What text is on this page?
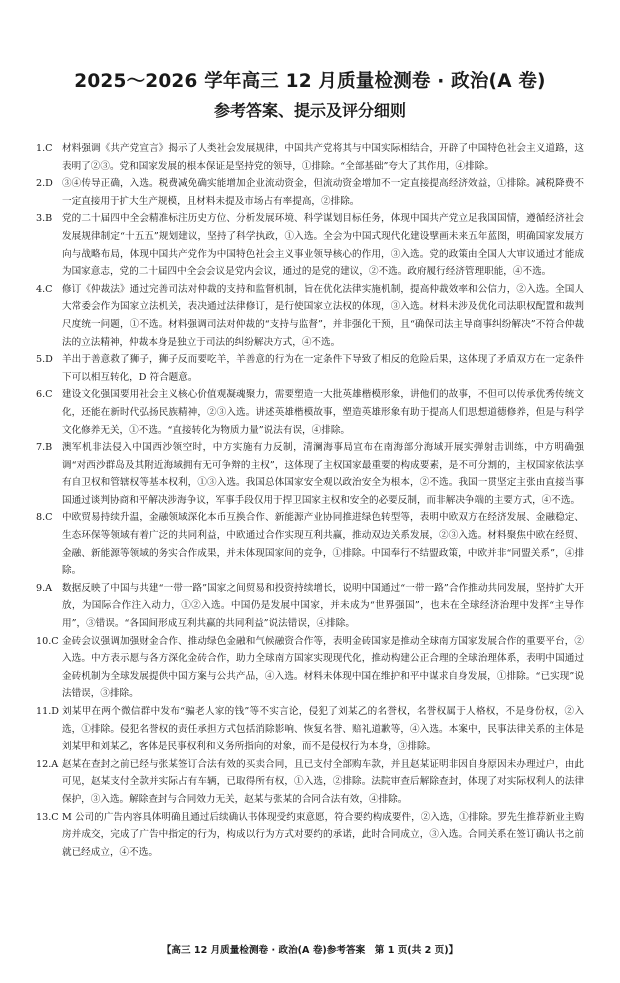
2025～2026 学年高三 12 月质量检测卷 · 政治(A 卷)
参考答案、提示及评分细则

1.C 材料强调《共产党宣言》揭示了人类社会发展规律，中国共产党将其与中国实际相结合，开辟了中国特色社会主义道路，这表明了②③。党和国家发展的根本保证是坚持党的领导，①排除。“全部基础”夸大了其作用，④排除。

2.D ③④传导正确，入选。税费减免确实能增加企业流动资金，但流动资金增加不一定直接提高经济效益，①排除。减税降费不一定直接用于扩大生产规模，且材料未提及市场占有率提高，②排除。

3.B 党的二十届四中全会精准标注历史方位、分析发展环境、科学谋划目标任务，体现中国共产党立足我国国情，遵循经济社会发展规律制定“十五五”规划建议，坚持了科学执政，①入选。全会为中国式现代化建设擘画未来五年蓝图，明确国家发展方向与战略布局，体现中国共产党作为中国特色社会主义事业领导核心的作用，③入选。党的政策由全国人大审议通过才能成为国家意志，党的二十届四中全会会议是党内会议，通过的是党的建议，②不选。政府履行经济管理职能，④不选。

4.C 修订《仲裁法》通过完善司法对仲裁的支持和监督机制，旨在优化法律实施机制，提高仲裁效率和公信力，②入选。全国人大常委会作为国家立法机关，表决通过法律修订，是行使国家立法权的体现，③入选。材料未涉及优化司法职权配置和裁判尺度统一问题，①不选。材料强调司法对仲裁的“支持与监督”，并非强化干预，且“确保司法主导商事纠纷解决”不符合仲裁法的立法精神，仲裁本身是独立于司法的纠纷解决方式，④不选。

5.D 羊出于善意救了狮子，狮子反而要吃羊，羊善意的行为在一定条件下导致了相反的危险后果，这体现了矛盾双方在一定条件下可以相互转化，D 符合题意。

6.C 建设文化强国要用社会主义核心价值观凝魂聚力，需要塑造一大批英雄楷模形象，讲他们的故事，不但可以传承优秀传统文化，还能在新时代弘扬民族精神，②③入选。讲述英雄楷模故事，塑造英雄形象有助于提高人们思想道德修养，但是与科学文化修养无关，①不选。“直接转化为物质力量”说法有误，④排除。

7.B 澳军机非法侵入中国西沙领空时，中方实施有力反制，清澜海事局宣布在南海部分海域开展实弹射击训练，中方明确强调“对西沙群岛及其附近海域拥有无可争辩的主权”，这体现了主权国家最重要的构成要素，是不可分割的，主权国家依法享有自卫权和管辖权等基本权利，①③入选。我国总体国家安全观以政治安全为根本，②不选。我国一贯坚定主张由直接当事国通过谈判协商和平解决涉海争议，军事手段仅用于捍卫国家主权和安全的必要反制，而非解决争端的主要方式，④不选。

8.C 中欧贸易持续升温，金融领域深化本币互换合作、新能源产业协同推进绿色转型等，表明中欧双方在经济发展、金融稳定、生态环保等领域有着广泛的共同利益，中欧通过合作实现互利共赢，推动双边关系发展，②③入选。材料聚焦中欧在经贸、金融、新能源等领域的务实合作成果，并未体现国家间的竞争，①排除。中国奉行不结盟政策，中欧并非“同盟关系”，④排除。

9.A 数据反映了中国与共建“一带一路”国家之间贸易和投资持续增长，说明中国通过“一带一路”合作推动共同发展，坚持扩大开放，为国际合作注入动力，①②入选。中国仍是发展中国家，并未成为“世界强国”，也未在全球经济治理中发挥“主导作用”，③错误。“各国间形成互利共赢的共同利益”说法错误，④排除。

10.C 金砖会议强调加强财金合作、推动绿色金融和气候融资合作等，表明金砖国家是推动全球南方国家发展合作的重要平台，②入选。中方表示愿与各方深化金砖合作，助力全球南方国家实现现代化，推动构建公正合理的全球治理体系，表明中国通过金砖机制为全球发展提供中国方案与公共产品，④入选。材料未体现中国在维护和平中谋求自身发展，①排除。“已实现”说法错误，③排除。

11.D 刘某甲在两个微信群中发布“骗老人家的钱”等不实言论，侵犯了刘某乙的名誉权，名誉权属于人格权，不是身份权，②入选，①排除。侵犯名誉权的责任承担方式包括消除影响、恢复名誉、赔礼道歉等，④入选。本案中，民事法律关系的主体是刘某甲和刘某乙，客体是民事权利和义务所指向的对象，而不是侵权行为本身，③排除。

12.A 赵某在查封之前已经与张某签订合法有效的买卖合同，且已支付全部购车款，并且赵某证明非因自身原因未办理过户，由此可见，赵某支付全款并实际占有车辆，已取得所有权，①入选，②排除。法院审查后解除查封，体现了对实际权利人的法律保护，③入选。解除查封与合同效力无关，赵某与张某的合同合法有效，④排除。

13.C M 公司的广告内容具体明确且通过后续确认书体现受约束意愿，符合要约构成要件，②入选，①排除。罗先生推荐新业主购房并成交，完成了广告中指定的行为，构成以行为方式对要约的承诺，此时合同成立，③入选。合同关系在签订确认书之前就已经成立，④不选。

【高三 12 月质量检测卷 · 政治(A 卷)参考答案　第 1 页(共 2 页)】
